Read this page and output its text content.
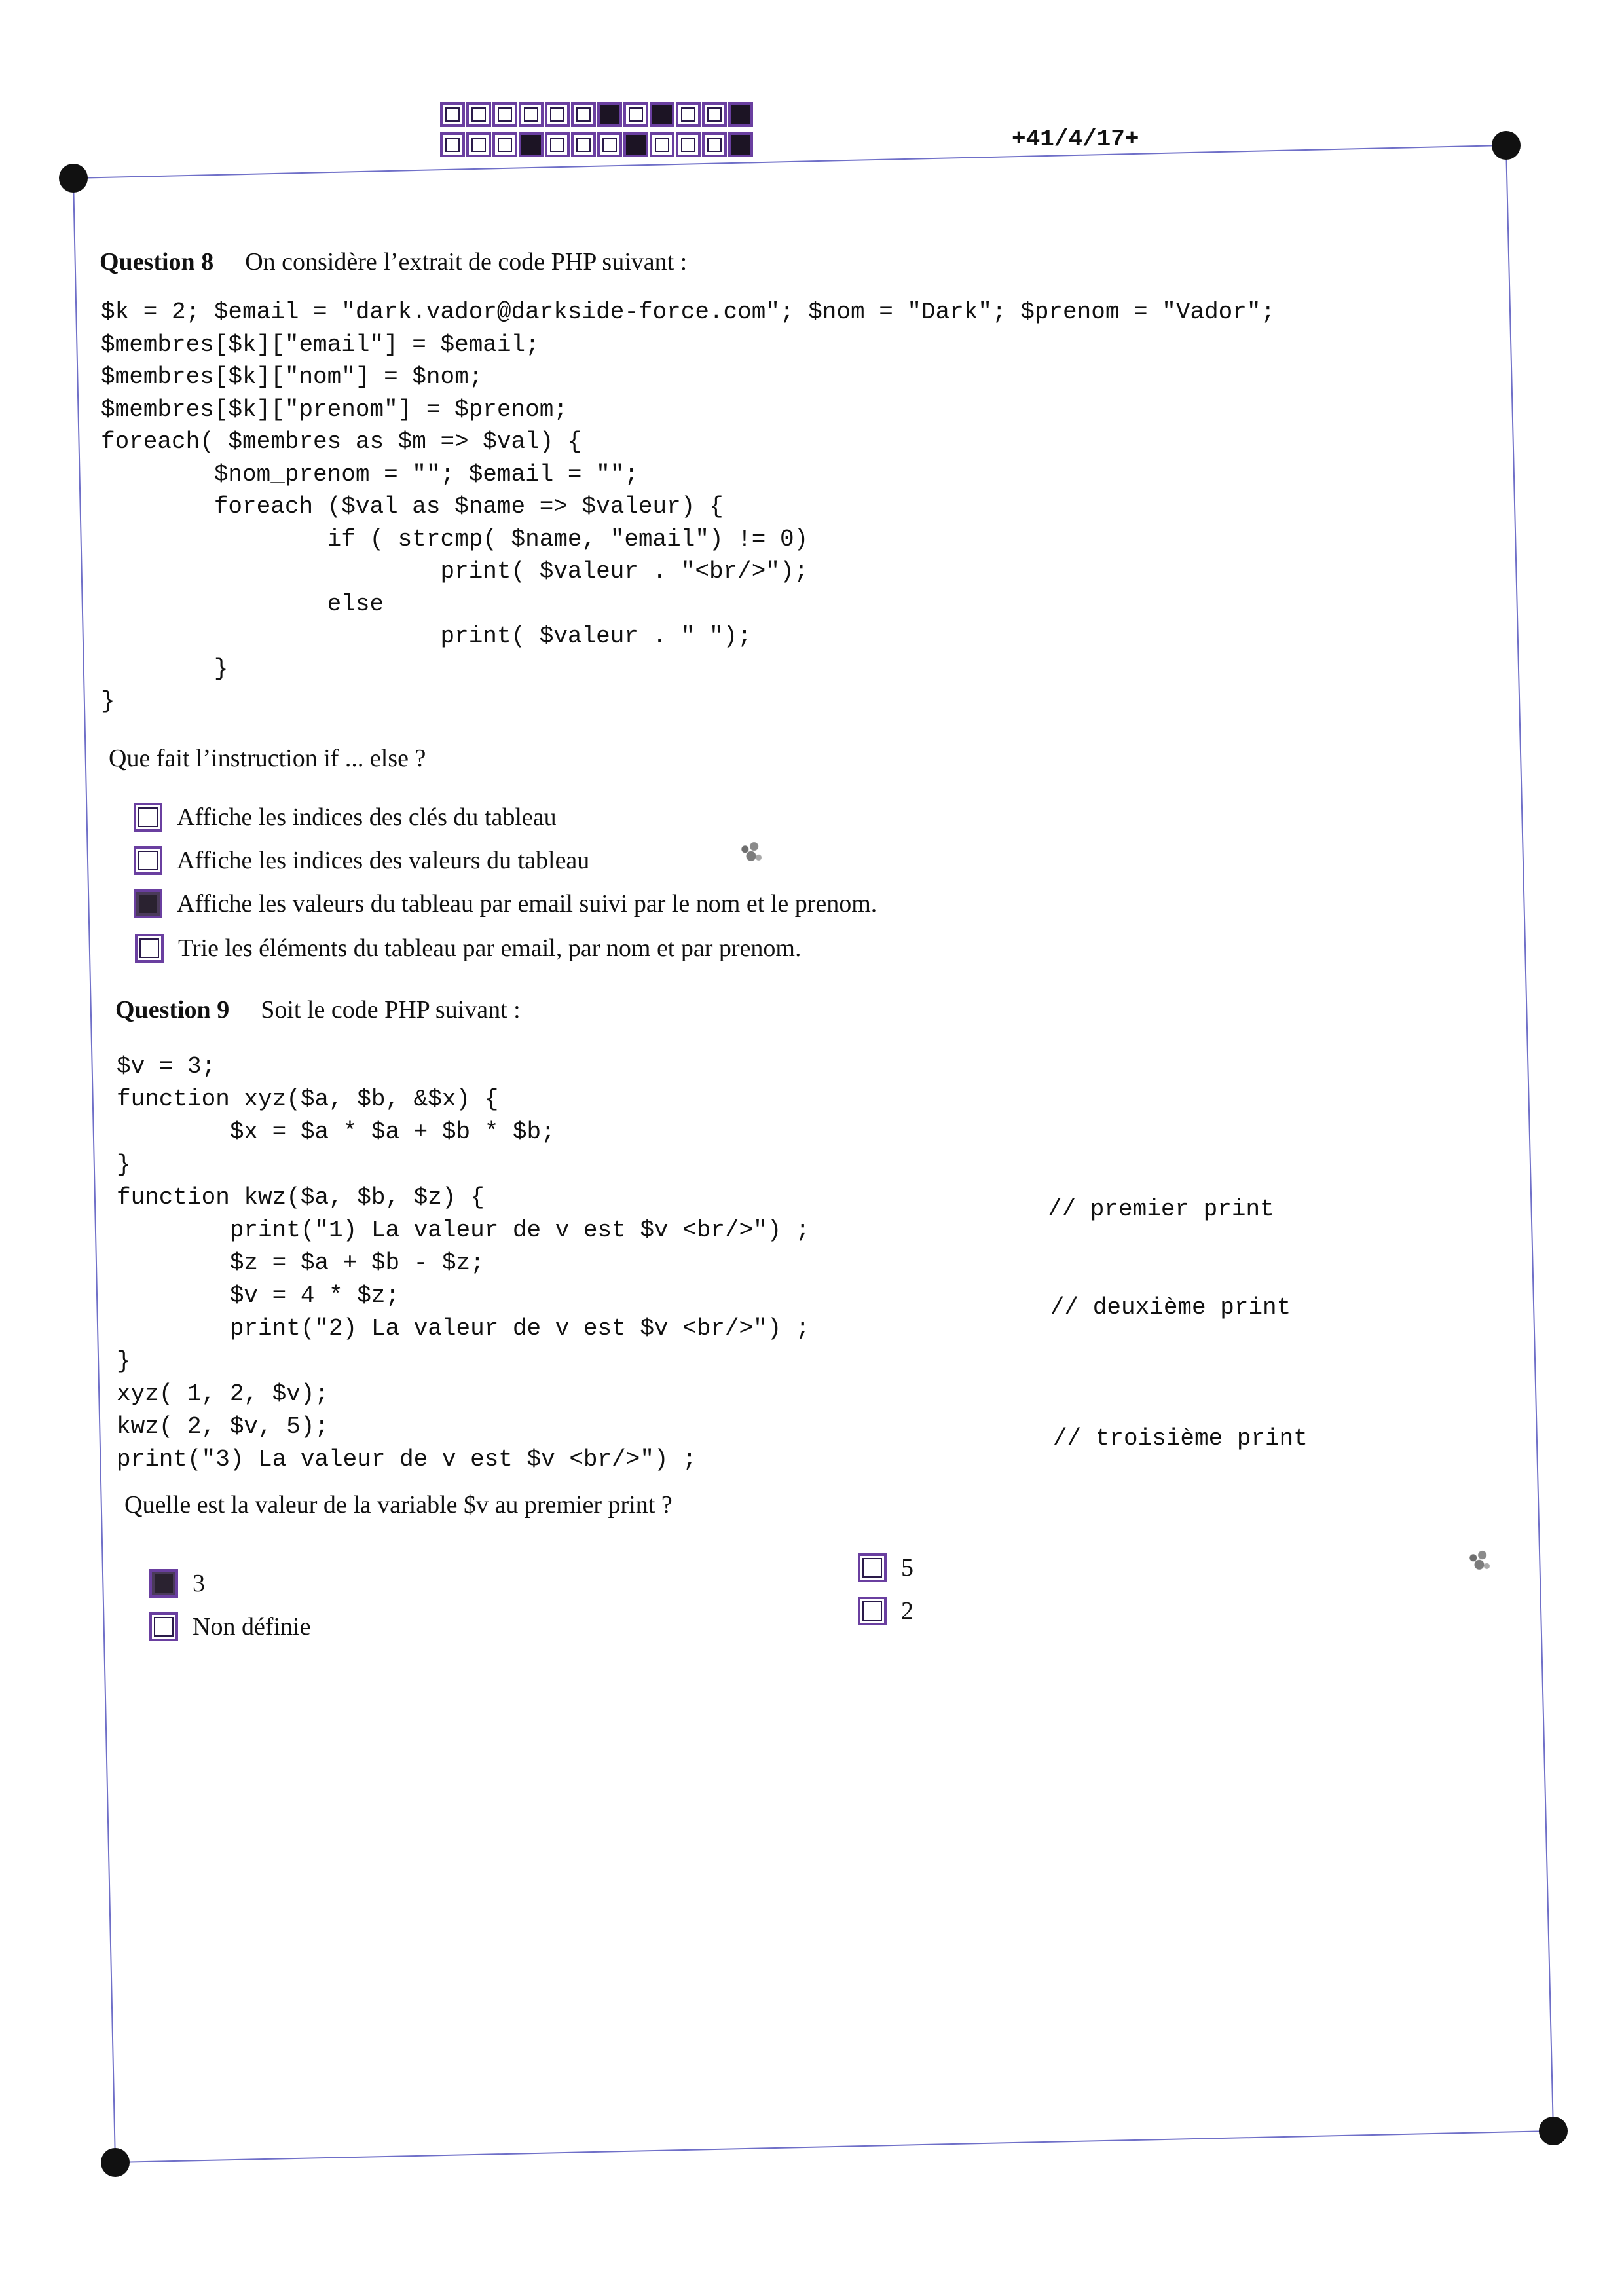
+41/4/17+
Question 8 On considère l’extrait de code PHP suivant :
$k = 2; $email = "dark.vador@darkside-force.com"; $nom = "Dark"; $prenom = "Vador";
$membres[$k]["email"] = $email;
$membres[$k]["nom"] = $nom;
$membres[$k]["prenom"] = $prenom;
foreach( $membres as $m => $val) {
$nom_prenom = ""; $email = "";
foreach ($val as $name => $valeur) {
if ( strcmp( $name, "email") != 0)
print( $valeur . "<br/>");
else
print( $valeur . " ");
}
}
Que fait l’instruction if ... else ?
Affiche les indices des clés du tableau
Affiche les indices des valeurs du tableau
Affiche les valeurs du tableau par email suivi par le nom et le prenom.
Trie les éléments du tableau par email, par nom et par prenom.
Question 9 Soit le code PHP suivant :
$v = 3;
function xyz($a, $b, &$x) {
$x = $a * $a + $b * $b;
}
function kwz($a, $b, $z) {
print("1) La valeur de v est $v <br/>") ;
$z = $a + $b - $z;
$v = 4 * $z;
print("2) La valeur de v est $v <br/>") ;
}
xyz( 1, 2, $v);
kwz( 2, $v, 5);
print("3) La valeur de v est $v <br/>") ;
// premier print
// deuxième print
// troisième print
Quelle est la valeur de la variable $v au premier print ?
3
Non définie
5
2
